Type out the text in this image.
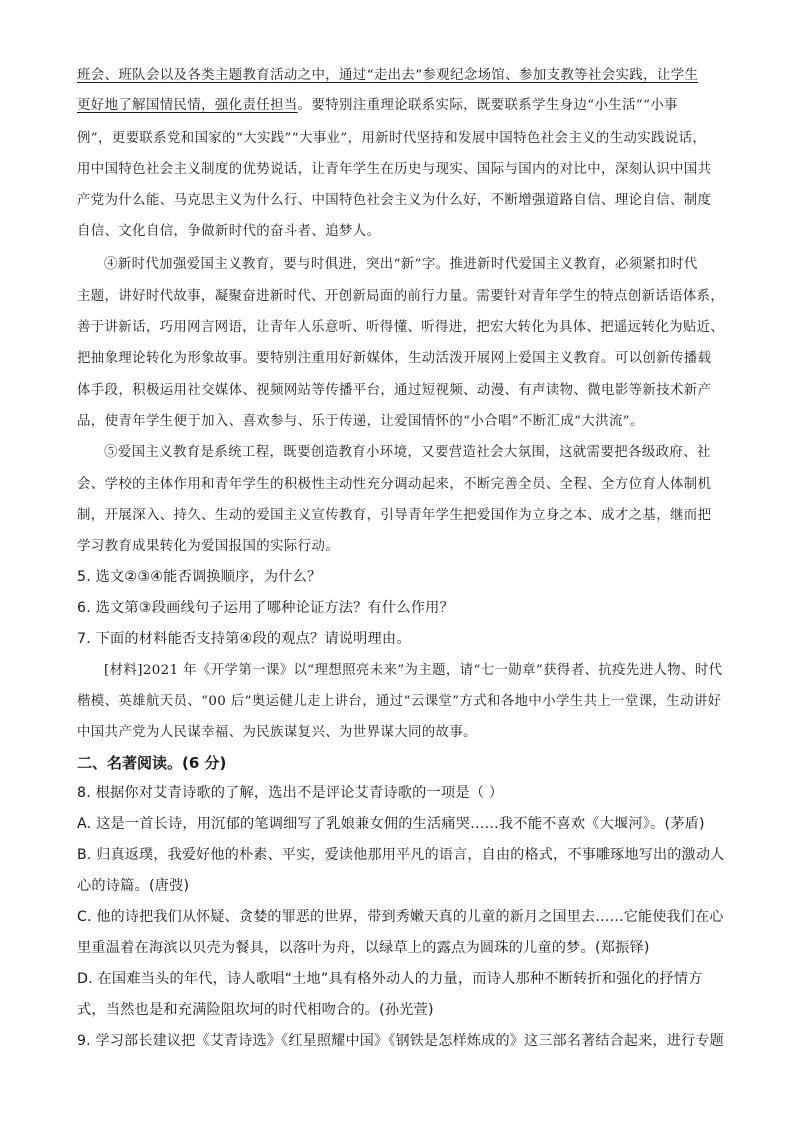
班会、班队会以及各类主题教育活动之中，通过“走出去”参观纪念场馆、参加支教等社会实践，让学生
更好地了解国情民情，强化责任担当。要特别注重理论联系实际，既要联系学生身边“小生活”“小事
例”，更要联系党和国家的“大实践”“大事业”，用新时代坚持和发展中国特色社会主义的生动实践说话，
用中国特色社会主义制度的优势说话，让青年学生在历史与现实、国际与国内的对比中，深刻认识中国共
产党为什么能、马克思主义为什么行、中国特色社会主义为什么好，不断增强道路自信、理论自信、制度
自信、文化自信，争做新时代的奋斗者、追梦人。
④新时代加强爱国主义教育，要与时俱进，突出“新”字。推进新时代爱国主义教育，必须紧扣时代
主题，讲好时代故事，凝聚奋进新时代、开创新局面的前行力量。需要针对青年学生的特点创新话语体系，
善于讲新话，巧用网言网语，让青年人乐意听、听得懂、听得进，把宏大转化为具体、把遥远转化为贴近、
把抽象理论转化为形象故事。要特别注重用好新媒体，生动活泼开展网上爱国主义教育。可以创新传播载
体手段，积极运用社交媒体、视频网站等传播平台，通过短视频、动漫、有声读物、微电影等新技术新产
品，使青年学生便于加入、喜欢参与、乐于传递，让爱国情怀的“小合唱”不断汇成“大洪流”。
⑤爱国主义教育是系统工程，既要创造教育小环境，又要营造社会大氛围，这就需要把各级政府、社
会、学校的主体作用和青年学生的积极性主动性充分调动起来，不断完善全员、全程、全方位育人体制机
制，开展深入、持久、生动的爱国主义宣传教育，引导青年学生把爱国作为立身之本、成才之基，继而把
学习教育成果转化为爱国报国的实际行动。
5. 选文②③④能否调换顺序，为什么？
6. 选文第③段画线句子运用了哪种论证方法？有什么作用？
7. 下面的材料能否支持第④段的观点？请说明理由。
[材料]2021 年《开学第一课》以“理想照亮未来”为主题，请“七一勋章”获得者、抗疫先进人物、时代
楷模、英雄航天员、“00 后”奥运健儿走上讲台，通过“云课堂”方式和各地中小学生共上一堂课，生动讲好
中国共产党为人民谋幸福、为民族谋复兴、为世界谋大同的故事。
二、名著阅读。(6 分)
8. 根据你对艾青诗歌的了解，选出不是评论艾青诗歌的一项是（ ）
A. 这是一首长诗，用沉郁的笔调细写了乳娘兼女佣的生活痛哭……我不能不喜欢《大堰河》。(茅盾)
B. 归真返璞，我爱好他的朴素、平实，爱读他那用平凡的语言，自由的格式，不事雕琢地写出的激动人
心的诗篇。(唐弢)
C. 他的诗把我们从怀疑、贪婪的罪恶的世界，带到秀嫩天真的儿童的新月之国里去……它能使我们在心
里重温着在海滨以贝壳为餐具，以落叶为舟，以绿草上的露点为圆珠的儿童的梦。(郑振铎)
D. 在国难当头的年代，诗人歌唱“土地”具有格外动人的力量，而诗人那种不断转折和强化的抒情方
式，当然也是和充满险阻坎坷的时代相吻合的。(孙光萱)
9. 学习部长建议把《艾青诗选》《红星照耀中国》《钢铁是怎样炼成的》这三部名著结合起来，进行专题
